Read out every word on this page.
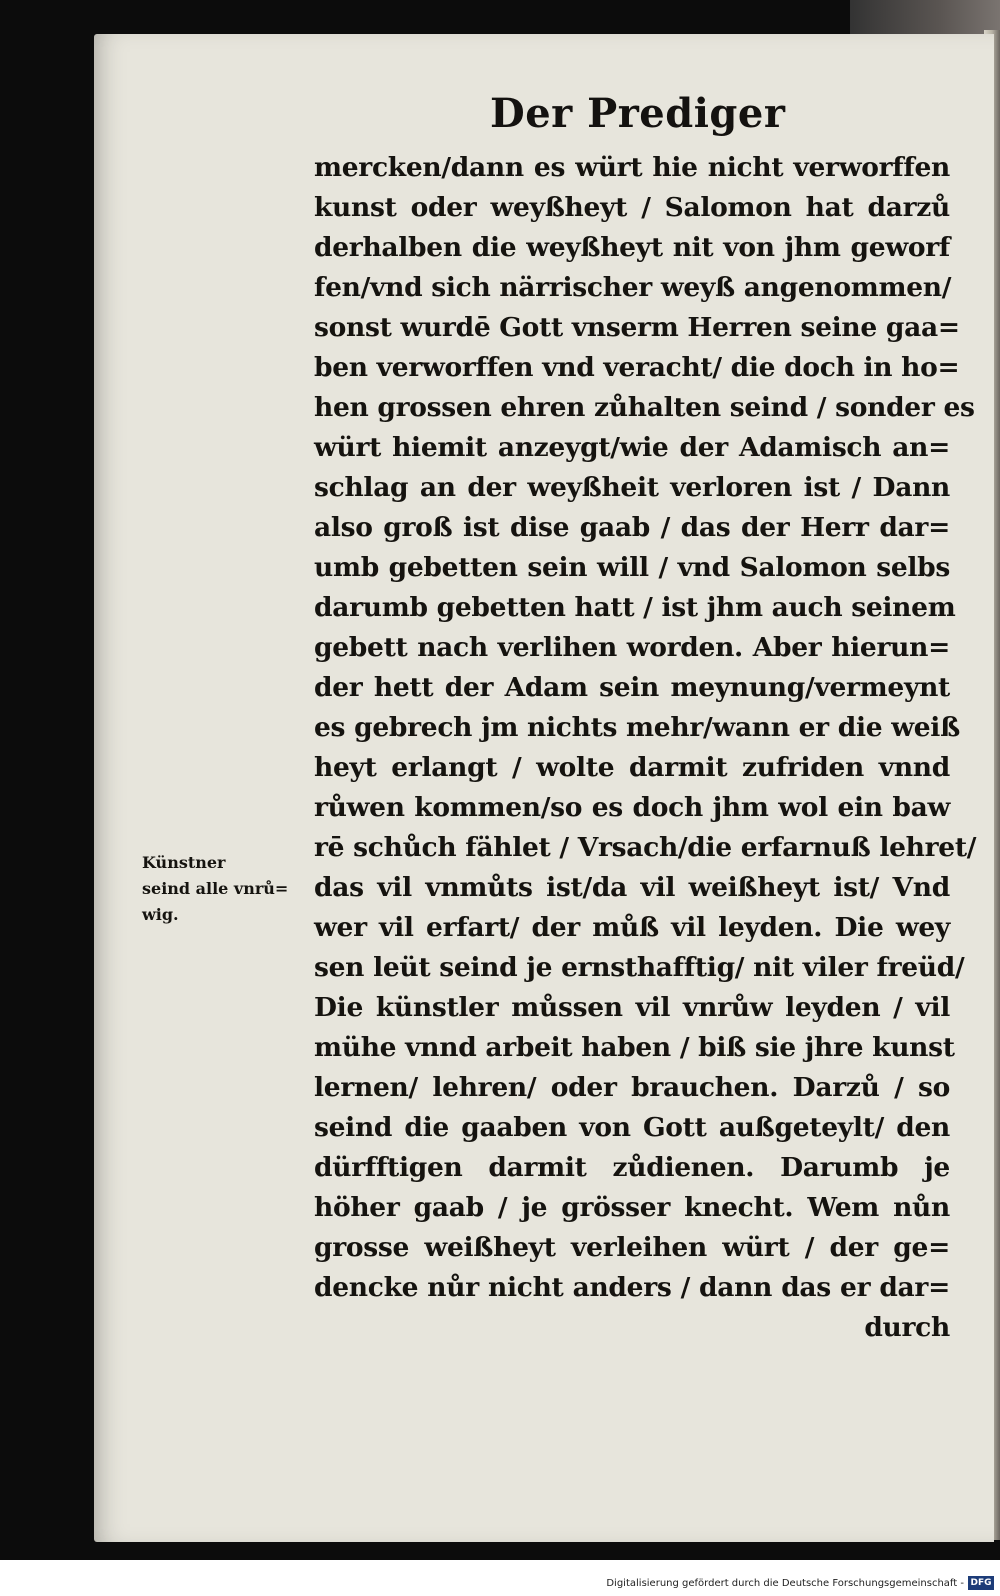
Der Prediger
mercken/dann es würt hie nicht verworffen
kunst oder weyßheyt / Salomon hat darzů
derhalben die weyßheyt nit von jhm geworf
fen/vnd sich närrischer weyß angenommen/
sonst wurdē Gott vnserm Herren seine gaa=
ben verworffen vnd veracht/ die doch in ho=
hen grossen ehren zůhalten seind / sonder es
würt hiemit anzeygt/wie der Adamisch an=
schlag an der weyßheit verloren ist / Dann
also groß ist dise gaab / das der Herr dar=
umb gebetten sein will / vnd Salomon selbs
darumb gebetten hatt / ist jhm auch seinem
gebett nach verlihen worden. Aber hierun=
der hett der Adam sein meynung/vermeynt
es gebrech jm nichts mehr/wann er die weiß
heyt erlangt / wolte darmit zufriden vnnd
růwen kommen/so es doch jhm wol ein baw
rē schůch fählet / Vrsach/die erfarnuß lehret/
das vil vnmůts ist/da vil weißheyt ist/ Vnd
wer vil erfart/ der můß vil leyden. Die wey
sen leüt seind je ernsthafftig/ nit viler freüd/
Die künstler můssen vil vnrůw leyden / vil
mühe vnnd arbeit haben / biß sie jhre kunst
lernen/ lehren/ oder brauchen. Darzů / so
seind die gaaben von Gott außgeteylt/ den
dürfftigen darmit zůdienen. Darumb je
höher gaab / je grösser knecht. Wem nůn
grosse weißheyt verleihen würt / der ge=
dencke nůr nicht anders / dann das er dar=
durch
Künstner
seind alle vnrů=
wig.
Digitalisierung gefördert durch die Deutsche Forschungsgemeinschaft - DFG
